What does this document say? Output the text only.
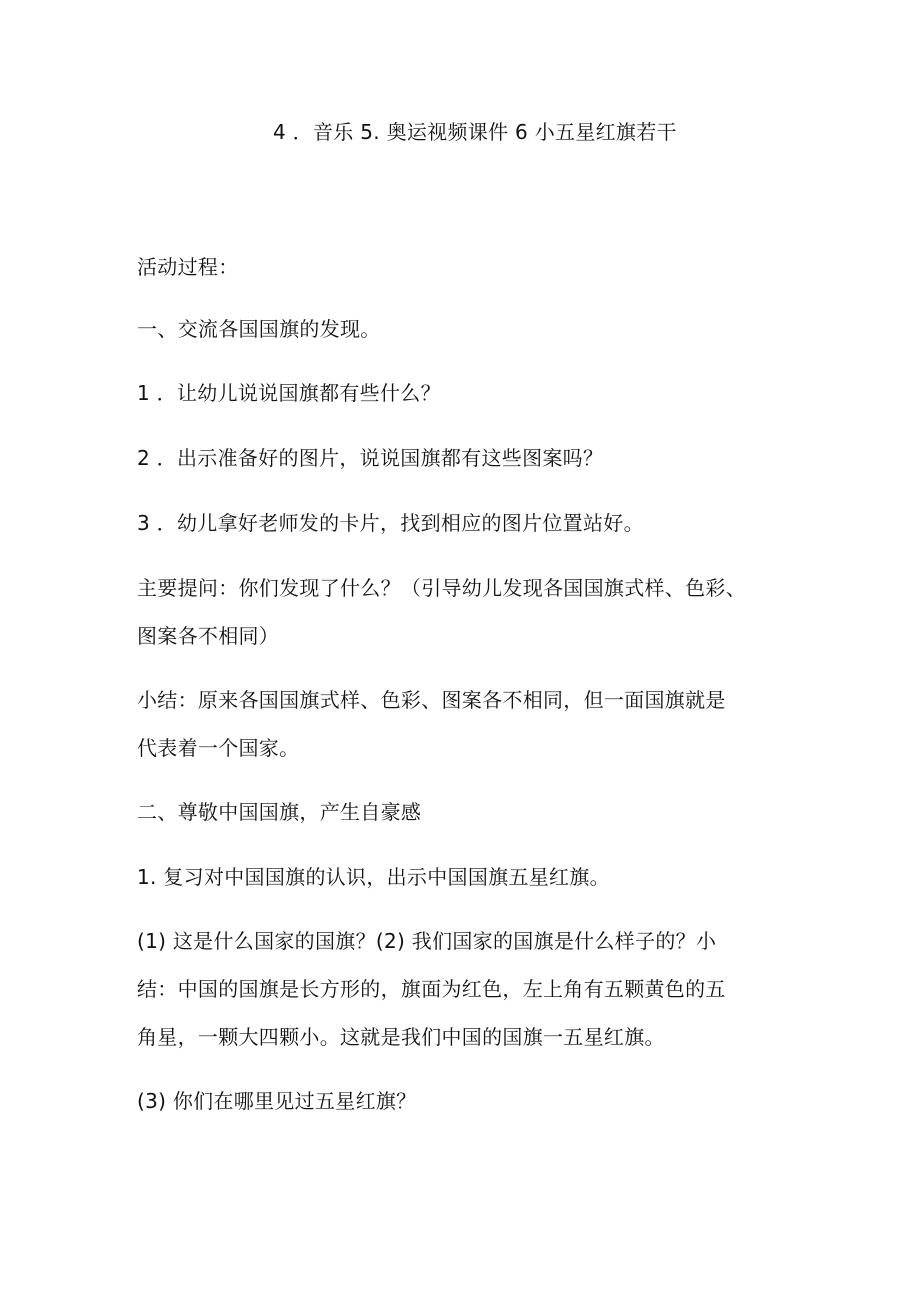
4 ．音乐 5. 奥运视频课件 6 小五星红旗若干
活动过程：
一、交流各国国旗的发现。
1 ．让幼儿说说国旗都有些什么？
2 ．出示准备好的图片，说说国旗都有这些图案吗？
3 ．幼儿拿好老师发的卡片，找到相应的图片位置站好。
主要提问：你们发现了什么？（引导幼儿发现各国国旗式样、色彩、
图案各不相同）
小结：原来各国国旗式样、色彩、图案各不相同，但一面国旗就是
代表着一个国家。
二、尊敬中国国旗，产生自豪感
1. 复习对中国国旗的认识，出示中国国旗五星红旗。
(1) 这是什么国家的国旗？(2) 我们国家的国旗是什么样子的？小
结：中国的国旗是长方形的，旗面为红色，左上角有五颗黄色的五
角星，一颗大四颗小。这就是我们中国的国旗一五星红旗。
(3) 你们在哪里见过五星红旗？
